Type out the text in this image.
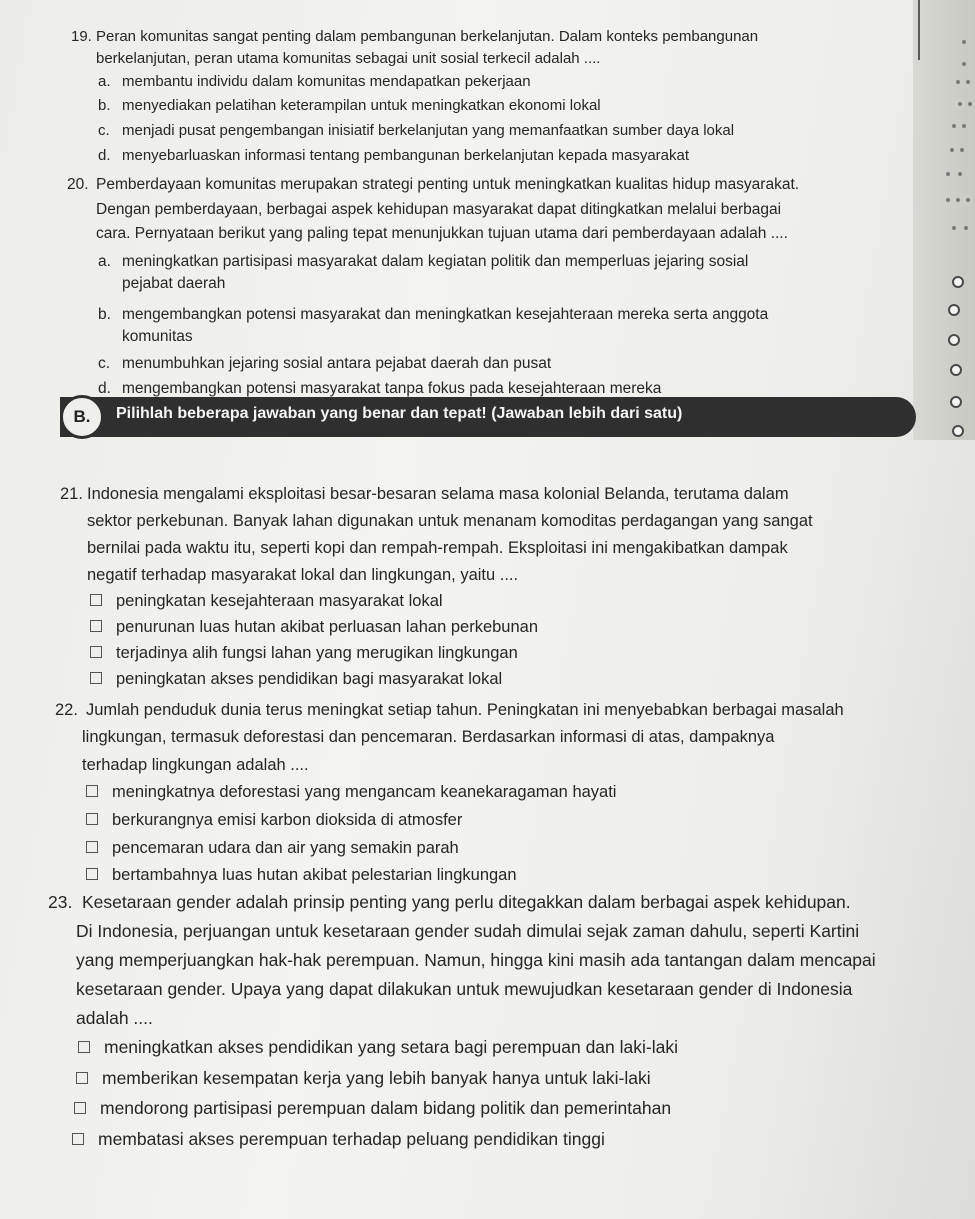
19. Peran komunitas sangat penting dalam pembangunan berkelanjutan. Dalam konteks pembangunan
berkelanjutan, peran utama komunitas sebagai unit sosial terkecil adalah ....
a. membantu individu dalam komunitas mendapatkan pekerjaan
b. menyediakan pelatihan keterampilan untuk meningkatkan ekonomi lokal
c. menjadi pusat pengembangan inisiatif berkelanjutan yang memanfaatkan sumber daya lokal
d. menyebarluaskan informasi tentang pembangunan berkelanjutan kepada masyarakat
20. Pemberdayaan komunitas merupakan strategi penting untuk meningkatkan kualitas hidup masyarakat.
Dengan pemberdayaan, berbagai aspek kehidupan masyarakat dapat ditingkatkan melalui berbagai
cara. Pernyataan berikut yang paling tepat menunjukkan tujuan utama dari pemberdayaan adalah ....
a. meningkatkan partisipasi masyarakat dalam kegiatan politik dan memperluas jejaring sosial
pejabat daerah
b. mengembangkan potensi masyarakat dan meningkatkan kesejahteraan mereka serta anggota
komunitas
c. menumbuhkan jejaring sosial antara pejabat daerah dan pusat
d. mengembangkan potensi masyarakat tanpa fokus pada kesejahteraan mereka
B.	Pilihlah beberapa jawaban yang benar dan tepat! (Jawaban lebih dari satu)
21. Indonesia mengalami eksploitasi besar-besaran selama masa kolonial Belanda, terutama dalam
sektor perkebunan. Banyak lahan digunakan untuk menanam komoditas perdagangan yang sangat
bernilai pada waktu itu, seperti kopi dan rempah-rempah. Eksploitasi ini mengakibatkan dampak
negatif terhadap masyarakat lokal dan lingkungan, yaitu ....
peningkatan kesejahteraan masyarakat lokal
penurunan luas hutan akibat perluasan lahan perkebunan
terjadinya alih fungsi lahan yang merugikan lingkungan
peningkatan akses pendidikan bagi masyarakat lokal
22. Jumlah penduduk dunia terus meningkat setiap tahun. Peningkatan ini menyebabkan berbagai masalah
lingkungan, termasuk deforestasi dan pencemaran. Berdasarkan informasi di atas, dampaknya
terhadap lingkungan adalah ....
meningkatnya deforestasi yang mengancam keanekaragaman hayati
berkurangnya emisi karbon dioksida di atmosfer
pencemaran udara dan air yang semakin parah
bertambahnya luas hutan akibat pelestarian lingkungan
23. Kesetaraan gender adalah prinsip penting yang perlu ditegakkan dalam berbagai aspek kehidupan.
Di Indonesia, perjuangan untuk kesetaraan gender sudah dimulai sejak zaman dahulu, seperti Kartini
yang memperjuangkan hak-hak perempuan. Namun, hingga kini masih ada tantangan dalam mencapai
kesetaraan gender. Upaya yang dapat dilakukan untuk mewujudkan kesetaraan gender di Indonesia
adalah ....
meningkatkan akses pendidikan yang setara bagi perempuan dan laki-laki
memberikan kesempatan kerja yang lebih banyak hanya untuk laki-laki
mendorong partisipasi perempuan dalam bidang politik dan pemerintahan
membatasi akses perempuan terhadap peluang pendidikan tinggi
